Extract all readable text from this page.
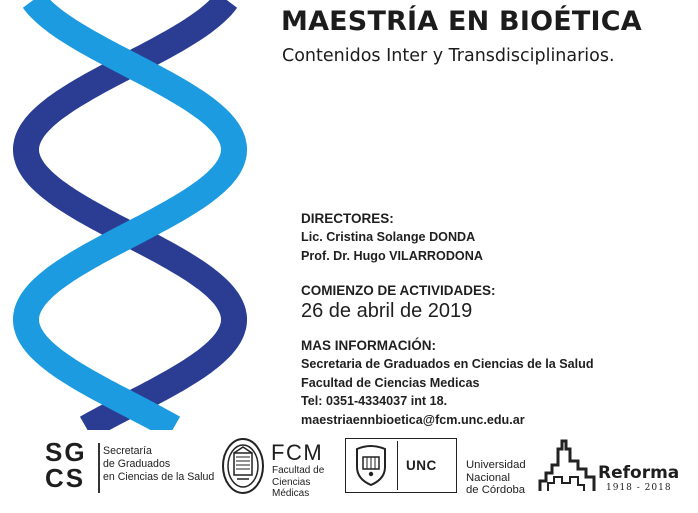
MAESTRÍA EN BIOÉTICA
Contenidos Inter y Transdisciplinarios.
DIRECTORES:
Lic. Cristina Solange DONDA
Prof. Dr. Hugo VILARRODONA
COMIENZO DE ACTIVIDADES:
26 de abril de 2019
MAS INFORMACIÓN:
Secretaria de Graduados en Ciencias de la Salud
Facultad de Ciencias Medicas
Tel: 0351-4334037 int 18.
maestriaennbioetica@fcm.unc.edu.ar
SG
CS
Secretaría
de Graduados
en Ciencias de la Salud
FCM
Facultad de
Ciencias
Médicas
UNC	Universidad
Nacional
de Córdoba
Reforma
1918 - 2018
